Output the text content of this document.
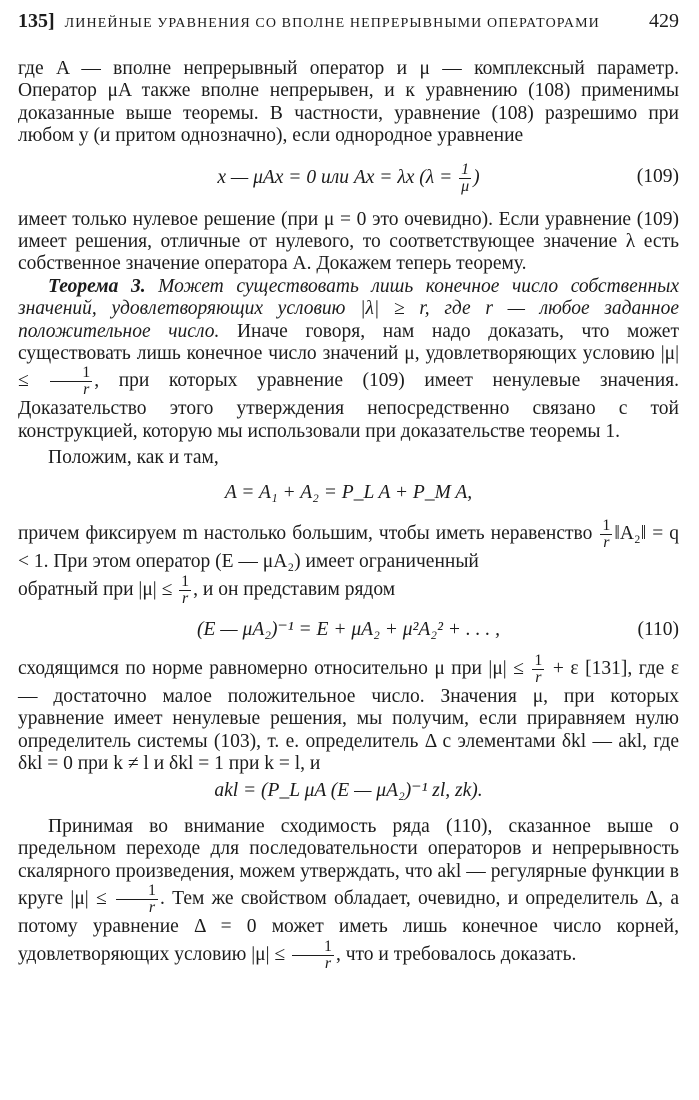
135] ЛИНЕЙНЫЕ УРАВНЕНИЯ СО ВПОЛНЕ НЕПРЕРЫВНЫМИ ОПЕРАТОРАМИ	429

где A — вполне непрерывный оператор и μ — комплексный параметр. Оператор μA также вполне непрерывен, и к уравнению (108) применимы доказанные выше теоремы. В частности, уравнение (108) разрешимо при любом y (и притом однозначно), если однородное уравнение

x — μAx = 0 или Ax = λx ($\lambda = \frac{1}{\mu}$ )	(109)

имеет только нулевое решение (при μ = 0 это очевидно). Если уравнение (109) имеет решения, отличные от нулевого, то соответствующее значение λ есть собственное значение оператора A. Докажем теперь теорему.

Теорема 3. Может существовать лишь конечное число собственных значений, удовлетворяющих условию |λ| ≥ r, где r — любое заданное положительное число. Иначе говоря, нам надо доказать, что может существовать лишь конечное число значений μ, удовлетворяющих условию $|\mu| \le \frac{1}{r}$ , при которых уравнение (109) имеет ненулевые значения. Доказательство этого утверждения непосредственно связано с той конструкцией, которую мы использовали при доказательстве теоремы 1.

Положим, как и там,

A = A₁ + A₂ = P_L A + P_M A,

причем фиксируем m настолько большим, чтобы иметь неравенство $\frac{1}{r}$ ‖A₂‖ = q < 1. При этом оператор (E — μA₂) имеет ограниченный
обратный при $|\mu| \le \frac{1}{r}$ , и он представим рядом

(E — μA₂)⁻¹ = E + μA₂ + μ²A₂² + . . . ,	(110)

сходящимся по норме равномерно относительно μ при $|\mu| \le \frac{1}{r} + \varepsilon$ [131], где ε — достаточно малое положительное число. Значения μ, при которых уравнение имеет ненулевые решения, мы получим, если приравняем нулю определитель системы (103), т. е. определитель Δ с элементами δkl — akl, где δkl = 0 при k ≠ l и δkl = 1 при k = l, и

akl = (P_L μA (E — μA₂)⁻¹ zl, zk).

Принимая во внимание сходимость ряда (110), сказанное выше о предельном переходе для последовательности операторов и непрерывность скалярного произведения, можем утверждать, что akl — регулярные функции в круге $|\mu| \le \frac{1}{r}$ . Тем же свойством обладает, очевидно, и определитель Δ, а потому уравнение Δ = 0 может иметь лишь конечное число корней, удовлетворяющих условию $|\mu| \le \frac{1}{r}$ , что и требовалось доказать.
